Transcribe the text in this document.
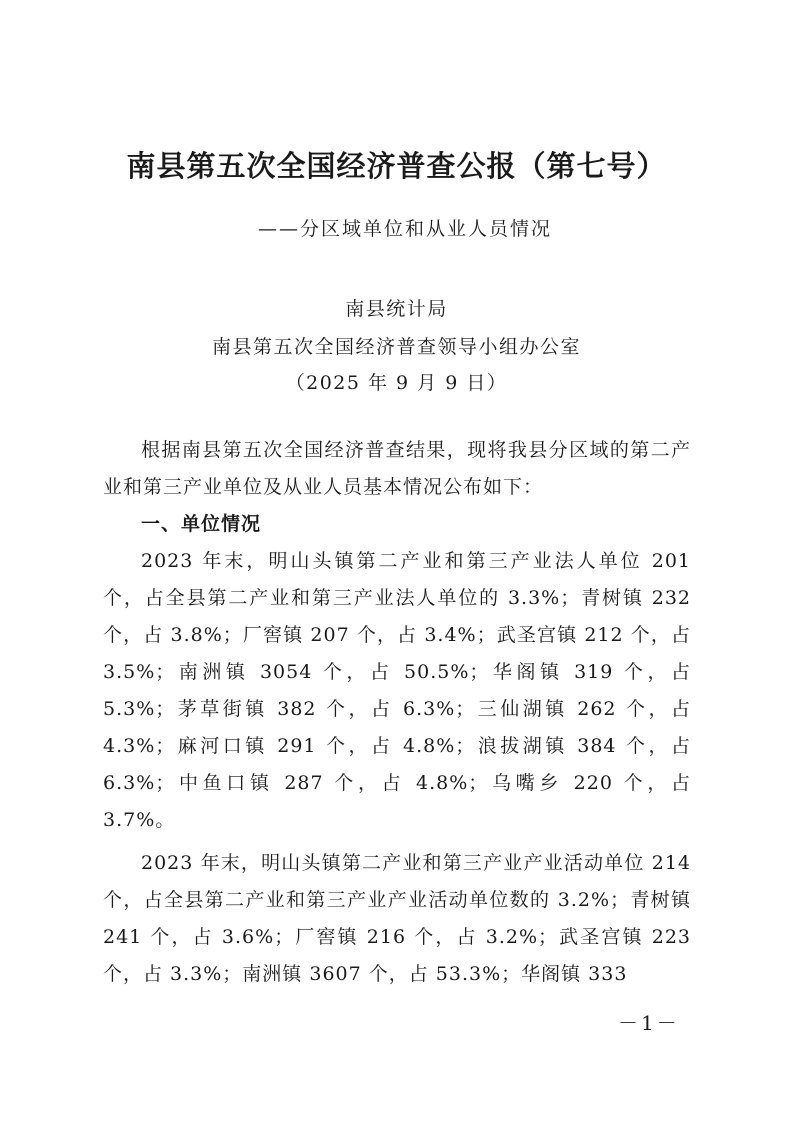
南县第五次全国经济普查公报（第七号）
——分区域单位和从业人员情况
南县统计局
南县第五次全国经济普查领导小组办公室
（2025 年 9 月 9 日）

根据南县第五次全国经济普查结果，现将我县分区域的第二产业和第三产业单位及从业人员基本情况公布如下：

一、单位情况

2023 年末，明山头镇第二产业和第三产业法人单位 201 个，占全县第二产业和第三产业法人单位的 3.3%；青树镇 232 个，占 3.8%；厂窖镇 207 个，占 3.4%；武圣宫镇 212 个，占 3.5%；南洲镇 3054 个，占 50.5%；华阁镇 319 个，占 5.3%；茅草街镇 382 个，占 6.3%；三仙湖镇 262 个，占 4.3%；麻河口镇 291 个，占 4.8%；浪拔湖镇 384 个，占 6.3%；中鱼口镇 287 个，占 4.8%；乌嘴乡 220 个，占 3.7%。

2023 年末，明山头镇第二产业和第三产业产业活动单位 214个，占全县第二产业和第三产业产业活动单位数的 3.2%；青树镇 241 个，占 3.6%；厂窖镇 216 个，占 3.2%；武圣宫镇 223 个，占 3.3%；南洲镇 3607 个，占 53.3%；华阁镇 333

－1－
